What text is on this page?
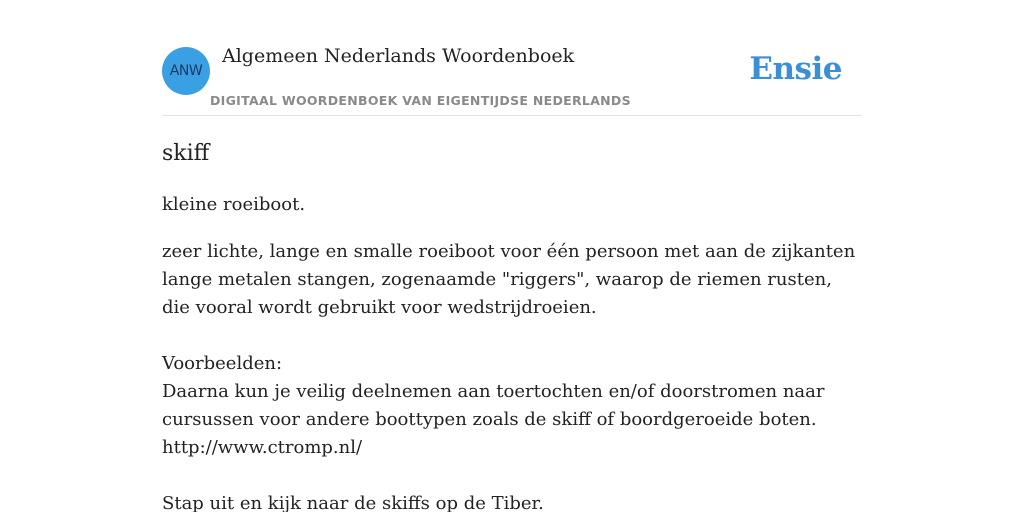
ANW
Algemeen Nederlands Woordenboek
DIGITAAL WOORDENBOEK VAN EIGENTIJDSE NEDERLANDS
Ensie
skiff

kleine roeiboot.

zeer lichte, lange en smalle roeiboot voor één persoon met aan de zijkanten lange metalen stangen, zogenaamde "riggers", waarop de riemen rusten, die vooral wordt gebruikt voor wedstrijdroeien.

Voorbeelden:

Daarna kun je veilig deelnemen aan toertochten en/of doorstromen naar cursussen voor andere boottypen zoals de skiff of boordgeroeide boten.

http://www.ctromp.nl/

Stap uit en kijk naar de skiffs op de Tiber.
